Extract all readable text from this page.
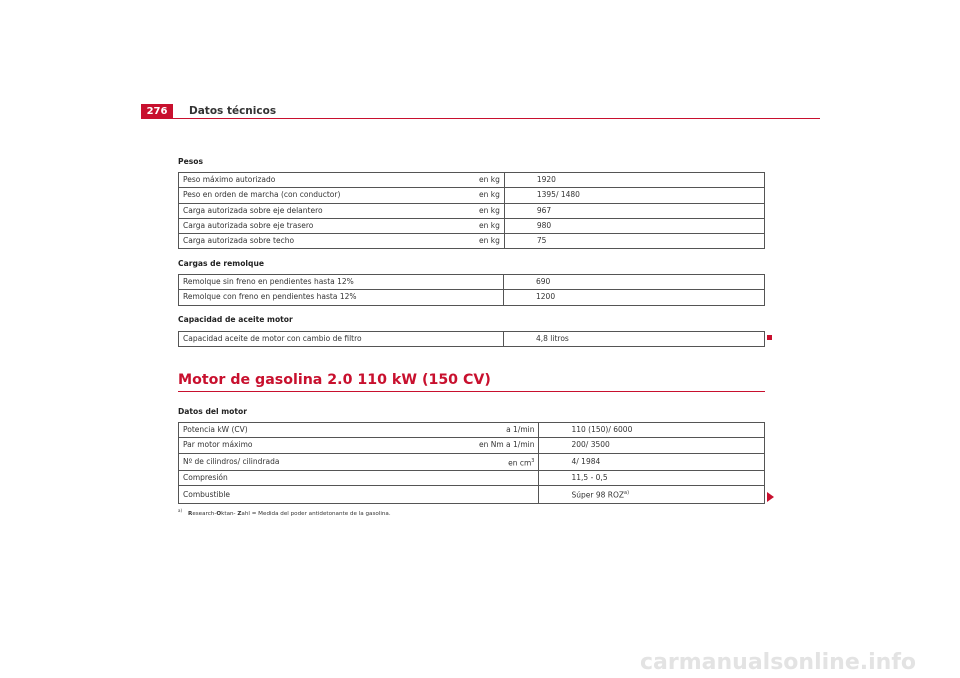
276	Datos técnicos
Pesos
Peso máximo autorizado	en kg	1920
Peso en orden de marcha (con conductor)	en kg	1395/ 1480
Carga autorizada sobre eje delantero	en kg	967
Carga autorizada sobre eje trasero	en kg	980
Carga autorizada sobre techo	en kg	75
Cargas de remolque
Remolque sin freno en pendientes hasta 12%		690
Remolque con freno en pendientes hasta 12%		1200
Capacidad de aceite motor
Capacidad aceite de motor con cambio de filtro		4,8 litros
Motor de gasolina 2.0 110 kW (150 CV)
Datos del motor
Potencia kW (CV)	a 1/min	110 (150)/ 6000
Par motor máximo	en Nm a 1/min	200/ 3500
Nº de cilindros/ cilindrada	en $cm^3$	4/ 1984
Compresión		11,5 - 0,5
Combustible		Súper 98 ROZ$^{a)}$
$^{a)}$Research-Oktan- Zahl = Medida del poder antidetonante de la gasolina.
carmanualsonline.info
